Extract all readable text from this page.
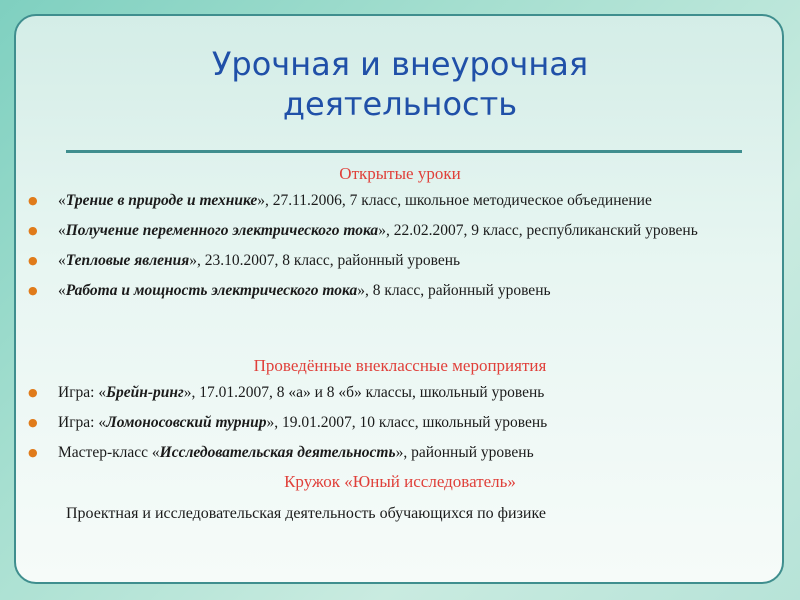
Урочная и внеурочная
деятельность
Открытые уроки
● «Трение в природе и технике», 27.11.2006, 7 класс, школьное методическое объединение
● «Получение переменного электрического тока», 22.02.2007, 9 класс, республиканский уровень
● «Тепловые явления», 23.10.2007, 8 класс, районный уровень
● «Работа и мощность электрического тока», 8 класс, районный уровень
Проведённые внеклассные мероприятия
● Игра: «Брейн-ринг», 17.01.2007, 8 «а» и 8 «б» классы, школьный уровень
● Игра: «Ломоносовский турнир», 19.01.2007, 10 класс, школьный уровень
● Мастер-класс «Исследовательская деятельность», районный уровень
Кружок «Юный исследователь»
Проектная и исследовательская деятельность обучающихся по физике
